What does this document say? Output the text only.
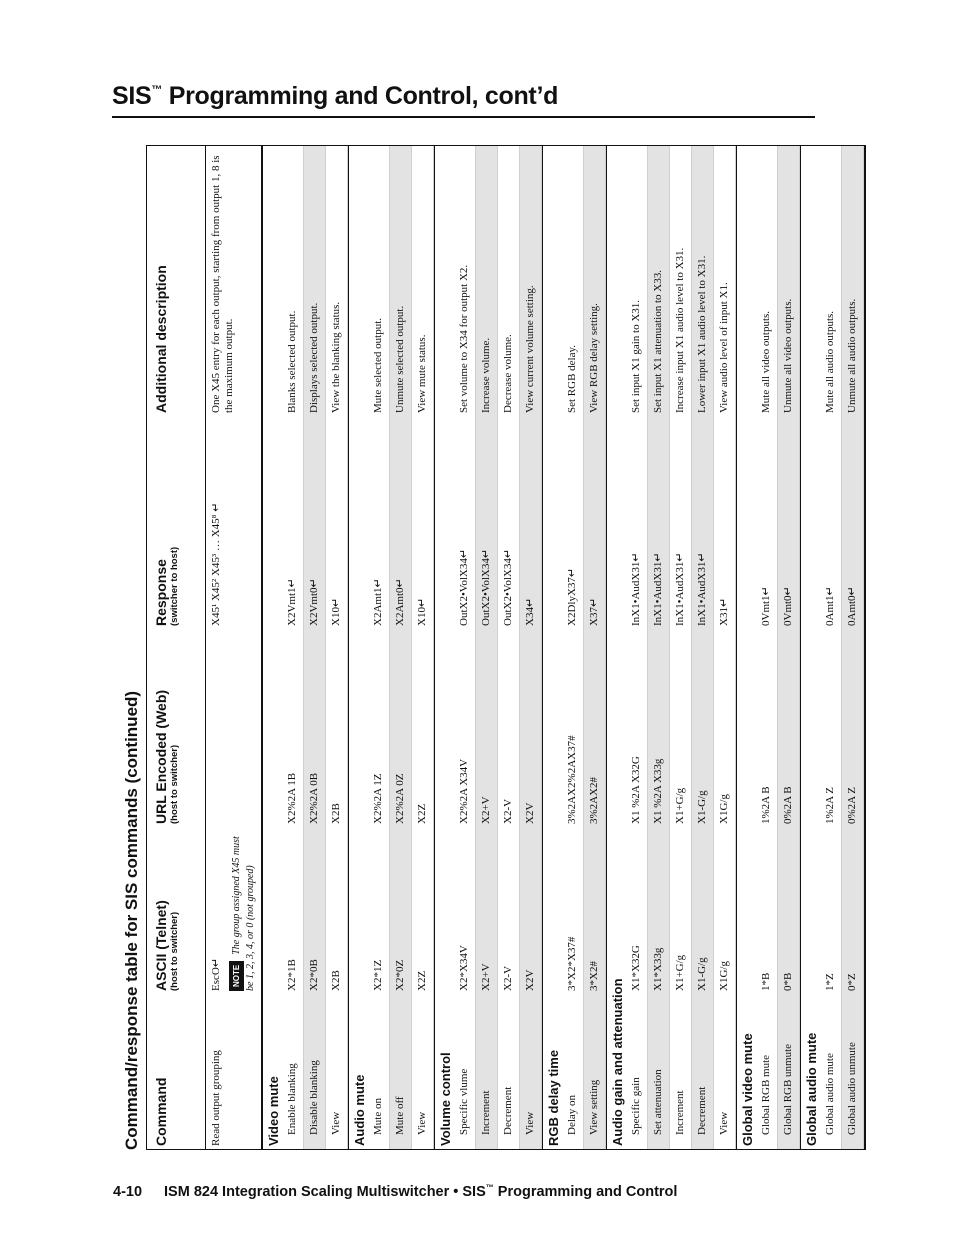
SIS™ Programming and Control, cont’d
Command/response table for SIS commands (continued) Command
ASCII (Telnet) (host to switcher)
URL Encoded (Web) (host to switcher)
Response (switcher to host)
Additional description
Read output grouping
EscO↵	NOTEThe group assigned X45 must be 1, 2, 3, 4, or 0 (not grouped)
X45¹ X45² X45³ … X45⁸ ↵
One X45 entry for each output, starting from output 1, 8 is the maximum output.
Video mute Enable blanking
X2*1B
X2%2A 1B
X2Vmt1↵
Blanks selected output.
Disable blanking
X2*0B
X2%2A 0B
X2Vmt0↵
Displays selected output.
View
X2B
X2B
X10↵
View the blanking status.
Audio mute Mute on
X2*1Z
X2%2A 1Z
X2Amt1↵
Mute selected output.
Mute off
X2*0Z
X2%2A 0Z
X2Amt0↵
Unmute selected output.
View
X2Z
X2Z
X10↵
View mute status.
Volume control Specific vlume
X2*X34V
X2%2A X34V
OutX2•VolX34↵
Set volume to X34 for output X2.
Increment
X2+V
X2+V
OutX2•VolX34↵
Increase volume.
Decrement
X2-V
X2-V
OutX2•VolX34↵
Decrease volume.
View
X2V
X2V
X34↵
View current volume setting.
RGB delay time Delay on
3*X2*X37#
3%2AX2%2AX37#
X2DlyX37↵
Set RGB delay.
View setting
3*X2#
3%2AX2#
X37↵
View RGB delay setting.
Audio gain and attenuation Specific gain
X1*X32G
X1 %2A X32G
InX1•AudX31↵
Set input X1 gain to X31.
Set attenuation
X1*X33g
X1 %2A X33g
InX1•AudX31↵
Set input X1 attenuation to X33.
Increment
X1+G/g
X1+G/g
InX1•AudX31↵
Increase input X1 audio level to X31.
Decrement
X1-G/g
X1-G/g
InX1•AudX31↵
Lower input X1 audio level to X31.
View
X1G/g
X1G/g
X31↵
View audio level of input X1.
Global video mute Global RGB mute
1*B
1%2A B
0Vmt1↵
Mute all video outputs.
Global RGB unmute
0*B
0%2A B
0Vmt0↵
Unmute all video outputs.
Global audio mute Global audio mute
1*Z
1%2A Z
0Amt1↵
Mute all audio outputs.
Global audio unmute
0*Z
0%2A Z
0Amt0↵
Unmute all audio outputs.
4-10 ISM 824 Integration Scaling Multiswitcher • SIS™ Programming and Control
